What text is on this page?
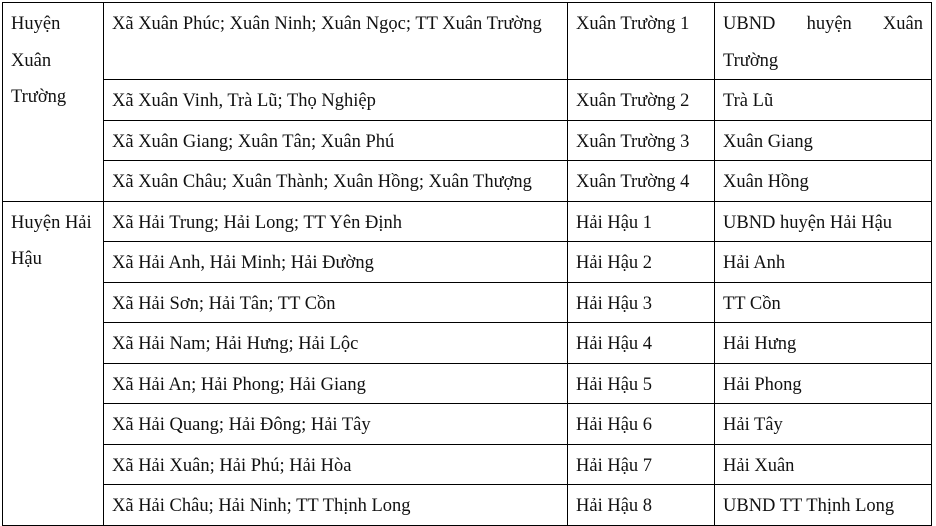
Huyện Xuân Trường	Xã Xuân Phúc; Xuân Ninh; Xuân Ngọc; TT Xuân Trường	Xuân Trường 1	UBND huyện Xuân Trường
	Xã Xuân Vinh, Trà Lũ; Thọ Nghiệp	Xuân Trường 2	Trà Lũ
	Xã Xuân Giang; Xuân Tân; Xuân Phú	Xuân Trường 3	Xuân Giang
	Xã Xuân Châu; Xuân Thành; Xuân Hồng; Xuân Thượng	Xuân Trường 4	Xuân Hồng
Huyện Hải Hậu	Xã Hải Trung; Hải Long; TT Yên Định	Hải Hậu 1	UBND huyện Hải Hậu
	Xã Hải Anh, Hải Minh; Hải Đường	Hải Hậu 2	Hải Anh
	Xã Hải Sơn; Hải Tân; TT Cồn	Hải Hậu 3	TT Cồn
	Xã Hải Nam; Hải Hưng; Hải Lộc	Hải Hậu 4	Hải Hưng
	Xã Hải An; Hải Phong; Hải Giang	Hải Hậu 5	Hải Phong
	Xã Hải Quang; Hải Đông; Hải Tây	Hải Hậu 6	Hải Tây
	Xã Hải Xuân; Hải Phú; Hải Hòa	Hải Hậu 7	Hải Xuân
	Xã Hải Châu; Hải Ninh; TT Thịnh Long	Hải Hậu 8	UBND TT Thịnh Long
